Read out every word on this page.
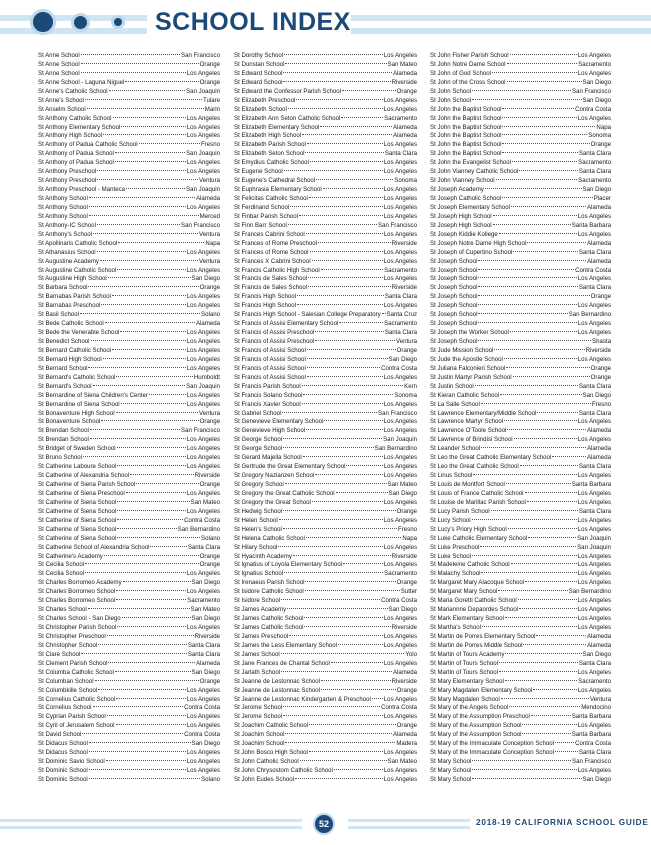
SCHOOL INDEX
St Anne School	San Francisco
St Anne School	Orange
St Anne School	Los Angeles
St Anne School - Laguna Niguel	Orange
St Anne's Catholic School	San Joaquin
St Anne's School	Tulare
St Anselm School	Marin
St Anthony Catholic School	Los Angeles
St Anthony Elementary School	Los Angeles
St Anthony High School	Los Angeles
St Anthony of Padua Catholic School	Fresno
St Anthony of Padua School	San Joaquin
St Anthony of Padua School	Los Angeles
St Anthony Preschool	Los Angeles
St Anthony Preschool	Ventura
St Anthony Preschool - Manteca	San Joaquin
St Anthony School	Alameda
St Anthony School	Los Angeles
St Anthony School	Merced
St Anthony-IC School	San Francisco
St Anthony's School	Ventura
St Apollinaris Catholic School	Napa
St Athanasius School	Los Angeles
St Augustine Academy	Ventura
St Augustine Catholic School	Los Angeles
St Augustine High School	San Diego
St Barbara School	Orange
St Barnabas Parish School	Los Angeles
St Barnabas Preschool	Los Angeles
St Basil School	Solano
St Bede Catholic School	Alameda
St Bede the Venerable School	Los Angeles
St Benedict School	Los Angeles
St Bernard Catholic School	Los Angeles
St Bernard High School	Los Angeles
St Bernard School	Los Angeles
St Bernard's Catholic School	Humboldt
St Bernard's School	San Joaquin
St Bernardine of Siena Children's Center	Los Angeles
St Bernardine of Siena School	Los Angeles
St Bonaventure High School	Ventura
St Bonaventure School	Orange
St Brendan School	San Francisco
St Brendan School	Los Angeles
St Bridget of Sweden School	Los Angeles
St Bruno School	Los Angeles
St Catherine Laboure School	Los Angeles
St Catherine of Alexandria School	Riverside
St Catherine of Siena Parish School	Orange
St Catherine of Siena Preschool	Los Angeles
St Catherine of Siena School	San Mateo
St Catherine of Siena School	Los Angeles
St Catherine of Siena School	Contra Costa
St Catherine of Siena School	San Bernardino
St Catherine of Siena School	Solano
St Catherine School of Alexandria School	Santa Clara
St Catherine's Academy	Orange
St Cecilia School	Orange
St Cecilia School	Los Angeles
St Charles Borromeo Academy	San Diego
St Charles Borromeo School	Los Angeles
St Charles Borromeo School	Sacramento
St Charles School	San Mateo
St Charles School - San Diego	San Diego
St Christopher Parish School	Los Angeles
St Christopher Preschool	Riverside
St Christopher School	Santa Clara
St Clare School	Santa Clara
St Clement Parish School	Alameda
St Columba Catholic School	San Diego
St Columban School	Orange
St Columbkille School	Los Angeles
St Cornelius Catholic School	Los Angeles
St Cornelius School	Contra Costa
St Cyprian Parish School	Los Angeles
St Cyril of Jerusalem School	Los Angeles
St David School	Contra Costa
St Didacus School	San Diego
St Didacus School	Los Angeles
St Dominic Savio School	Los Angeles
St Dominic School	Los Angeles
St Dominic School	Solano
St Dorothy School	Los Angeles
St Dunstan School	San Mateo
St Edward School	Alameda
St Edward School	Riverside
St Edward the Confessor Parish School	Orange
St Elizabeth Preschool	Los Angeles
St Elizabeth School	Los Angeles
St Elizabeth Ann Seton Catholic School	Sacramento
St Elizabeth Elementary School	Alameda
St Elizabeth High School	Alameda
St Elizabeth Parish School	Los Angeles
St Elizabeth Seton School	Santa Clara
St Emydius Catholic School	Los Angeles
St Eugene School	Los Angeles
St Eugene's Cathedral School	Sonoma
St Euphrasia Elementary School	Los Angeles
St Felicitas Catholic School	Los Angeles
St Ferdinand School	Los Angeles
St Finbar Parish School	Los Angeles
St Finn Barr School	San Francisco
St Frances Cabrini School	Los Angeles
St Frances of Rome Preschool	Riverside
St Frances of Rome School	Los Angeles
St Frances X Cabrini School	Los Angeles
St Francis Catholic High School	Sacramento
St Francis de Sales School	Los Angeles
St Francis de Sales School	Riverside
St Francis High School	Santa Clara
St Francis High School	Los Angeles
St Francis High School - Salesian College Preparatory Santa Cruz
St Francis of Assisi Elementary School	Sacramento
St Francis of Assisi Preschool	Santa Clara
St Francis of Assisi Preschool	Ventura
St Francis of Assisi School	Orange
St Francis of Assisi School	San Diego
St Francis of Assisi School	Contra Costa
St Francis of Assisi School	Los Angeles
St Francis Parish School	Kern
St Francis Solano School	Sonoma
St Francis Xavier School	Los Angeles
St Gabriel School	San Francisco
St Genevieve Elementary School	Los Angeles
St Genevieve High School	Los Angeles
St George School	San Joaquin
St George School	San Bernardino
St Gerard Majella School	Los Angeles
St Gertrude the Great Elementary School	Los Angeles
St Gregory Nazianzen School	Los Angeles
St Gregory School	San Mateo
St Gregory the Great Catholic School	San Diego
St Gregory the Great School	Los Angeles
St Hedwig School	Orange
St Helen School	Los Angeles
St Helen's School	Fresno
St Helena Catholic School	Napa
St Hilary School	Los Angeles
St Hyacinth Academy	Riverside
St Ignatius of Loyola Elementary School	Los Angeles
St Ignatius School	Sacramento
St Irenaeus Parish School	Orange
St Isidore Catholic School	Sutter
St Isidore School	Contra Costa
St James Academy	San Diego
St James Catholic School	Los Angeles
St James Catholic School	Riverside
St James Preschool	Los Angeles
St James the Less Elementary School	Los Angeles
St James School	Yolo
St Jane Frances de Chantal School	Los Angeles
St Jarlath School	Alameda
St Jeanne de Lestonnac School	Riverside
St Jeanne de Lestonnac School	Orange
St Jeanne de Lestonnac Kindergarten & Preschool Los Angeles
St Jerome School	Contra Costa
St Jerome School	Los Angeles
St Joachim Catholic School	Orange
St Joachim School	Alameda
St Joachim School	Madera
St John Bosco High School	Los Angeles
St John Catholic School	San Mateo
St John Chrysostom Catholic School	Los Angeles
St John Eudes School	Los Angeles
St John Fisher Parish School	Los Angeles
St John Notre Dame School	Sacramento
St John of God School	Los Angeles
St John of the Cross School	San Diego
St John School	San Francisco
St John School	San Diego
St John the Baptist School	Contra Costa
St John the Baptist School	Los Angeles
St John the Baptist School	Napa
St John the Baptist School	Sonoma
St John the Baptist School	Orange
St John the Baptist School	Santa Clara
St John the Evangelist School	Sacramento
St John Vianney Catholic School	Santa Clara
St John Vianney School	Sacramento
St Joseph Academy	San Diego
St Joseph Catholic School	Placer
St Joseph Elementary School	Alameda
St Joseph High School	Los Angeles
St Joseph High School	Santa Barbara
St Joseph Kiddie Kollege	Los Angeles
St Joseph Notre Dame High School	Alameda
St Joseph of Cupertino School	Santa Clara
St Joseph School	Alameda
St Joseph School	Contra Costa
St Joseph School	Los Angeles
St Joseph School	Santa Clara
St Joseph School	Orange
St Joseph School	Los Angeles
St Joseph School	San Bernardino
St Joseph School	Los Angeles
St Joseph the Worker School	Los Angeles
St Joseph School	Shasta
St Jude Mission School	Riverside
St Jude the Apostle School	Los Angeles
St Juliana Falconieri School	Orange
St Justin Martyr Parish School	Orange
St Justin School	Santa Clara
St Kieran Catholic School	San Diego
St La Salle School	Fresno
St Lawrence Elementary/Middle School	Santa Clara
St Lawrence Martyr School	Los Angeles
St Lawrence O'Toole School	Alameda
St Lawrence of Brindisi School	Los Angeles
St Leander School	Alameda
St Leo the Great Catholic Elementary School	Alameda
St Leo the Great Catholic School	Santa Clara
St Linus School	Los Angeles
St Louis de Montfort School	Santa Barbara
St Louis of France Catholic School	Los Angeles
St Louise de Marillac Parish School	Los Angeles
St Lucy Parish School	Santa Clara
St Lucy School	Los Angeles
St Lucy's Priory High School	Los Angeles
St Luke Catholic Elementary School	San Joaquin
St Luke Preschool	San Joaquin
St Luke School	Los Angeles
St Madeleine Catholic School	Los Angeles
St Malachy School	Los Angeles
St Margaret Mary Alacoque School	Los Angeles
St Margaret Mary School	San Bernardino
St Maria Goretti Catholic School	Los Angeles
St Mariannne Depaordes School	Los Angeles
St Mark Elementary School	Los Angeles
St Martha's School	Los Angeles
St Martin de Porres Elementary School	Alameda
St Martin de Porres Middle School	Alameda
St Martin of Tours Academy	San Diego
St Martin of Tours School	Santa Clara
St Martin of Tours School	Los Angeles
St Mary Elementary School	Sacramento
St Mary Magdalen Elementary School	Los Angeles
St Mary Magdalen School	Ventura
St Mary of the Angels School	Mendocino
St Mary of the Assumption Preschool	Santa Barbara
St Mary of the Assumption School	Los Angeles
St Mary of the Assumption School	Santa Barbara
St Mary of the Immaculate Conception School	Contra Costa
St Mary of the Immaculate Conception School	Santa Clara
St Mary School	San Francisco
St Mary School	Los Angeles
St Mary School	San Diego
52	2018-19 CALIFORNIA SCHOOL GUIDE
